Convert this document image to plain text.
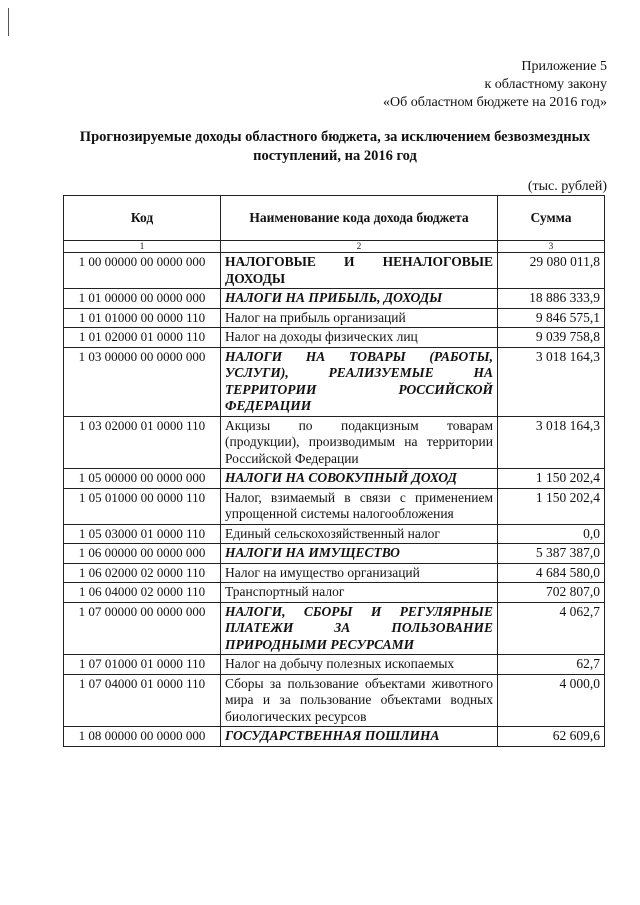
Приложение 5
к областному закону
«Об областном бюджете на 2016 год»
Прогнозируемые доходы областного бюджета, за исключением безвозмездных поступлений, на 2016 год
(тыс. рублей)
Код	Наименование кода дохода бюджета	Сумма
1	2	3
1 00 00000 00 0000 000	НАЛОГОВЫЕ И НЕНАЛОГОВЫЕ ДОХОДЫ	29 080 011,8
1 01 00000 00 0000 000	НАЛОГИ НА ПРИБЫЛЬ, ДОХОДЫ	18 886 333,9
1 01 01000 00 0000 110	Налог на прибыль организаций	9 846 575,1
1 01 02000 01 0000 110	Налог на доходы физических лиц	9 039 758,8
1 03 00000 00 0000 000	НАЛОГИ НА ТОВАРЫ (РАБОТЫ, УСЛУГИ), РЕАЛИЗУЕМЫЕ НА ТЕРРИТОРИИ РОССИЙСКОЙ ФЕДЕРАЦИИ	3 018 164,3
1 03 02000 01 0000 110	Акцизы по подакцизным товарам (продукции), производимым на территории Российской Федерации	3 018 164,3
1 05 00000 00 0000 000	НАЛОГИ НА СОВОКУПНЫЙ ДОХОД	1 150 202,4
1 05 01000 00 0000 110	Налог, взимаемый в связи с применением упрощенной системы налогообложения	1 150 202,4
1 05 03000 01 0000 110	Единый сельскохозяйственный налог	0,0
1 06 00000 00 0000 000	НАЛОГИ НА ИМУЩЕСТВО	5 387 387,0
1 06 02000 02 0000 110	Налог на имущество организаций	4 684 580,0
1 06 04000 02 0000 110	Транспортный налог	702 807,0
1 07 00000 00 0000 000	НАЛОГИ, СБОРЫ И РЕГУЛЯРНЫЕ ПЛАТЕЖИ ЗА ПОЛЬЗОВАНИЕ ПРИРОДНЫМИ РЕСУРСАМИ	4 062,7
1 07 01000 01 0000 110	Налог на добычу полезных ископаемых	62,7
1 07 04000 01 0000 110	Сборы за пользование объектами животного мира и за пользование объектами водных биологических ресурсов	4 000,0
1 08 00000 00 0000 000	ГОСУДАРСТВЕННАЯ ПОШЛИНА	62 609,6
